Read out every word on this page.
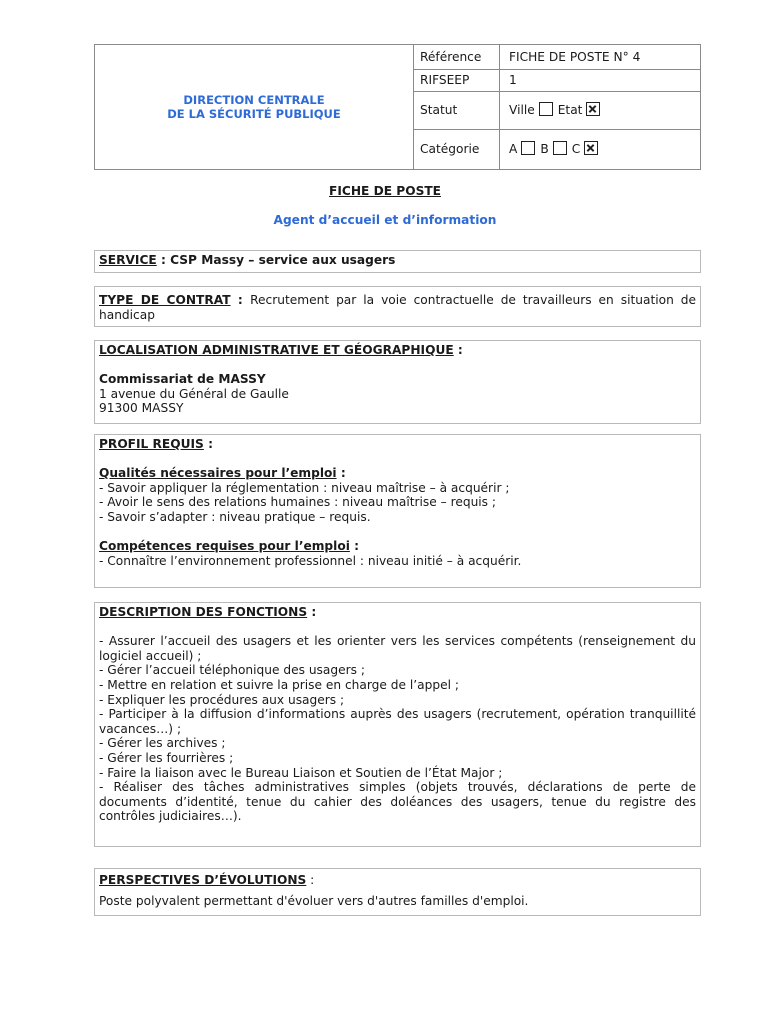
DIRECTION CENTRALE
DE LA SÉCURITÉ PUBLIQUE
Référence	FICHE DE POSTE N° 4
RIFSEEP	1
Statut	Ville Etat
Catégorie	A B C
FICHE DE POSTE
Agent d’accueil et d’information
SERVICE : CSP Massy – service aux usagers
TYPE DE CONTRAT : Recrutement par la voie contractuelle de travailleurs en situation de handicap

LOCALISATION ADMINISTRATIVE ET GÉOGRAPHIQUE :

Commissariat de MASSY

1 avenue du Général de Gaulle

91300 MASSY

PROFIL REQUIS :

Qualités nécessaires pour l’emploi :

- Savoir appliquer la réglementation : niveau maîtrise – à acquérir ;

- Avoir le sens des relations humaines : niveau maîtrise – requis ;

- Savoir s’adapter : niveau pratique – requis.

Compétences requises pour l’emploi :

- Connaître l’environnement professionnel : niveau initié – à acquérir.

DESCRIPTION DES FONCTIONS :

- Assurer l’accueil des usagers et les orienter vers les services compétents (renseignement du logiciel accueil) ;

- Gérer l’accueil téléphonique des usagers ;

- Mettre en relation et suivre la prise en charge de l’appel ;

- Expliquer les procédures aux usagers ;

- Participer à la diffusion d’informations auprès des usagers (recrutement, opération tranquillité vacances…) ;

- Gérer les archives ;

- Gérer les fourrières ;

- Faire la liaison avec le Bureau Liaison et Soutien de l’État Major ;

- Réaliser des tâches administratives simples (objets trouvés, déclarations de perte de documents d’identité, tenue du cahier des doléances des usagers, tenue du registre des contrôles judiciaires…).

PERSPECTIVES D’ÉVOLUTIONS :

Poste polyvalent permettant d'évoluer vers d'autres familles d'emploi.
